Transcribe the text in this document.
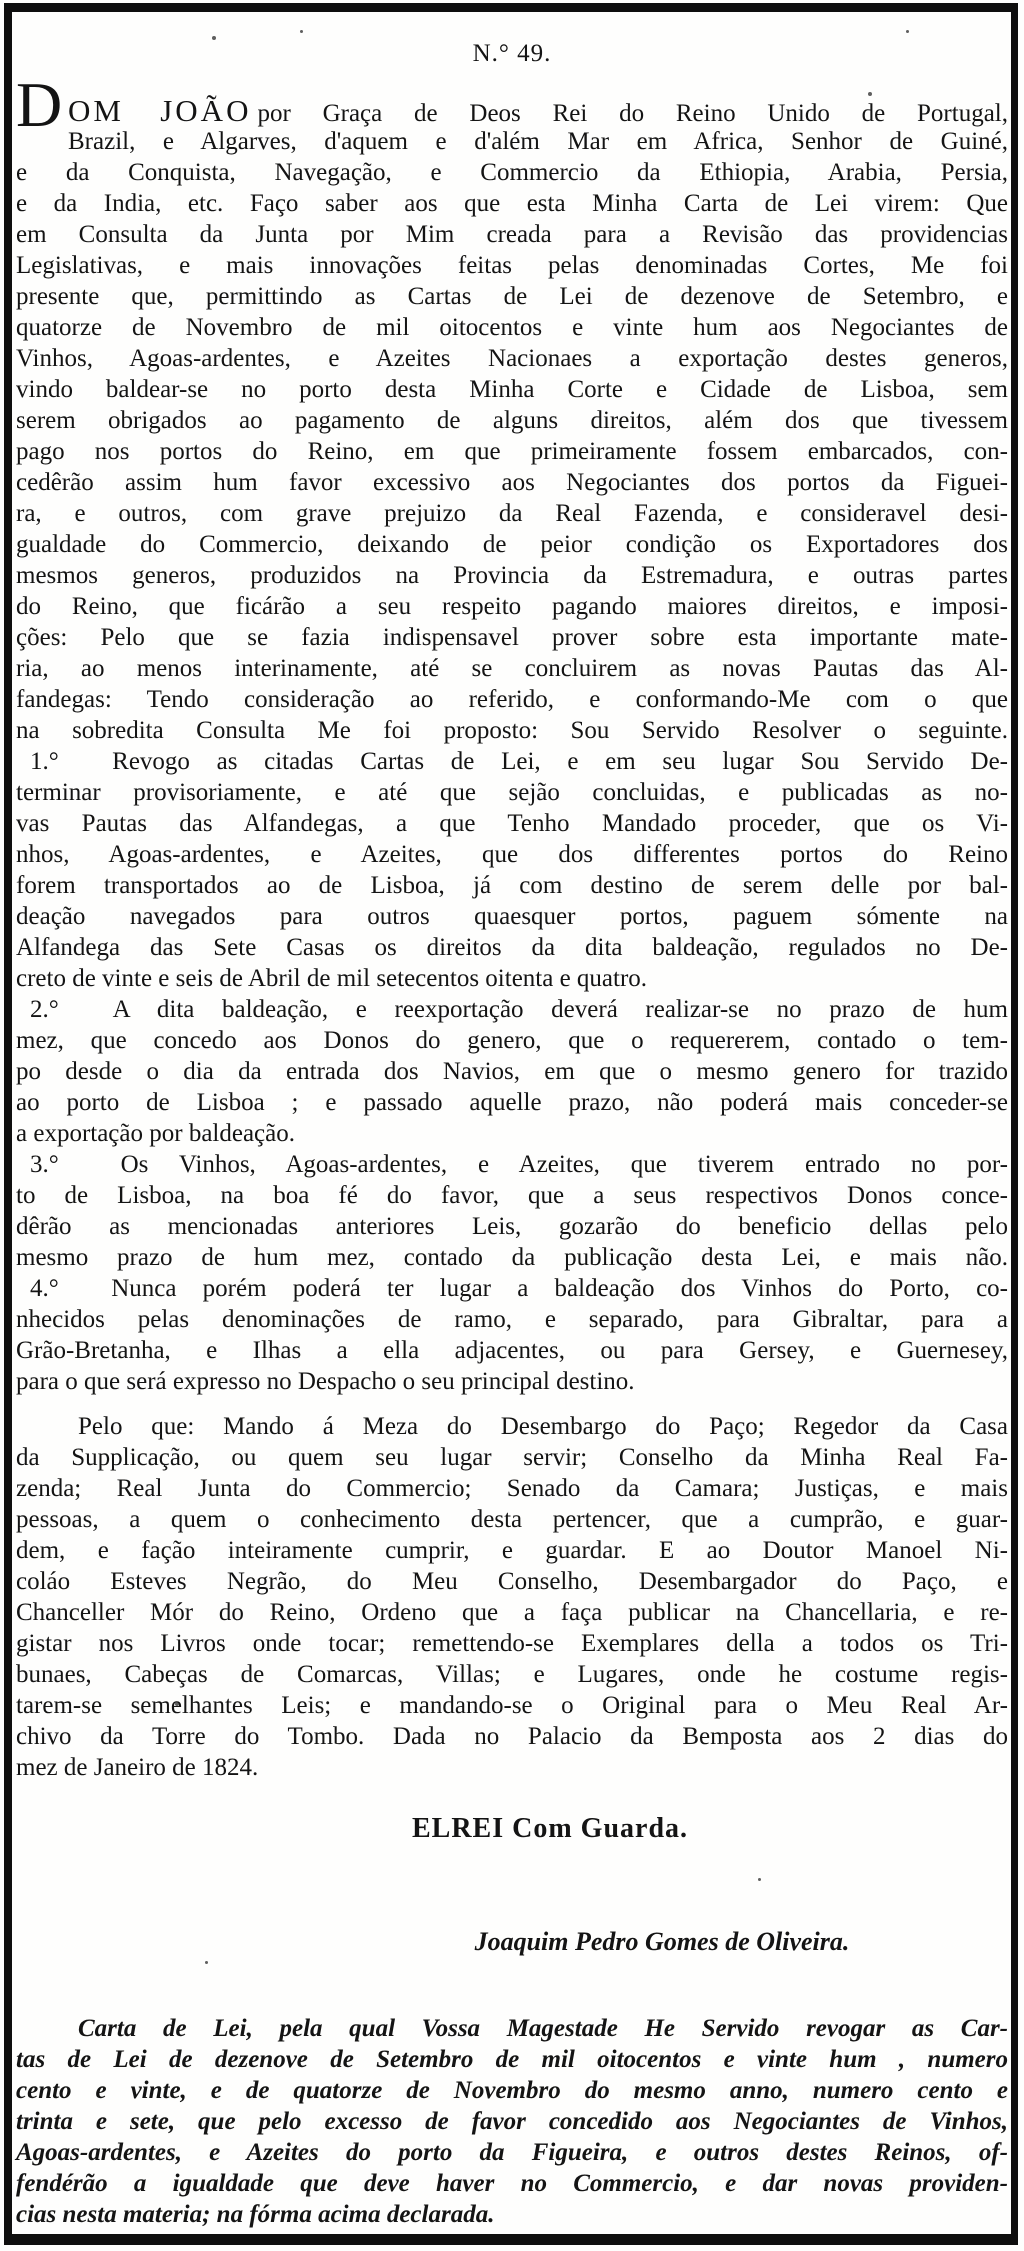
N.° 49.
DOM JOÃO por Graça de Deos Rei do Reino Unido de Portugal,
Brazil, e Algarves, d'aquem e d'além Mar em Africa, Senhor de Guiné,
e da Conquista, Navegação, e Commercio da Ethiopia, Arabia, Persia,
e da India, etc. Faço saber aos que esta Minha Carta de Lei virem: Que
em Consulta da Junta por Mim creada para a Revisão das providencias
Legislativas, e mais innovações feitas pelas denominadas Cortes, Me foi
presente que, permittindo as Cartas de Lei de dezenove de Setembro, e
quatorze de Novembro de mil oitocentos e vinte hum aos Negociantes de
Vinhos, Agoas-ardentes, e Azeites Nacionaes a exportação destes generos,
vindo baldear-se no porto desta Minha Corte e Cidade de Lisboa, sem
serem obrigados ao pagamento de alguns direitos, além dos que tivessem
pago nos portos do Reino, em que primeiramente fossem embarcados, con-
cedêrão assim hum favor excessivo aos Negociantes dos portos da Figuei-
ra, e outros, com grave prejuizo da Real Fazenda, e consideravel desi-
gualdade do Commercio, deixando de peior condição os Exportadores dos
mesmos generos, produzidos na Provincia da Estremadura, e outras partes
do Reino, que ficárão a seu respeito pagando maiores direitos, e imposi-
ções: Pelo que se fazia indispensavel prover sobre esta importante mate-
ria, ao menos interinamente, até se concluirem as novas Pautas das Al-
fandegas: Tendo consideração ao referido, e conformando-Me com o que
na sobredita Consulta Me foi proposto: Sou Servido Resolver o seguinte.
1.°  Revogo as citadas Cartas de Lei, e em seu lugar Sou Servido De-
terminar provisoriamente, e até que sejão concluidas, e publicadas as no-
vas Pautas das Alfandegas, a que Tenho Mandado proceder, que os Vi-
nhos, Agoas-ardentes, e Azeites, que dos differentes portos do Reino
forem transportados ao de Lisboa, já com destino de serem delle por bal-
deação navegados para outros quaesquer portos, paguem sómente na
Alfandega das Sete Casas os direitos da dita baldeação, regulados no De-
creto de vinte e seis de Abril de mil setecentos oitenta e quatro.
2.°  A dita baldeação, e reexportação deverá realizar-se no prazo de hum
mez, que concedo aos Donos do genero, que o requererem, contado o tem-
po desde o dia da entrada dos Navios, em que o mesmo genero for trazido
ao porto de Lisboa ; e passado aquelle prazo, não poderá mais conceder-se
a exportação por baldeação.
3.°  Os Vinhos, Agoas-ardentes, e Azeites, que tiverem entrado no por-
to de Lisboa, na boa fé do favor, que a seus respectivos Donos conce-
dêrão as mencionadas anteriores Leis, gozarão do beneficio dellas pelo
mesmo prazo de hum mez, contado da publicação desta Lei, e mais não.
4.°  Nunca porém poderá ter lugar a baldeação dos Vinhos do Porto, co-
nhecidos pelas denominações de ramo, e separado, para Gibraltar, para a
Grão-Bretanha, e Ilhas a ella adjacentes, ou para Gersey, e Guernesey,
para o que será expresso no Despacho o seu principal destino.
Pelo que: Mando á Meza do Desembargo do Paço; Regedor da Casa
da Supplicação, ou quem seu lugar servir; Conselho da Minha Real Fa-
zenda; Real Junta do Commercio; Senado da Camara; Justiças, e mais
pessoas, a quem o conhecimento desta pertencer, que a cumprão, e guar-
dem, e fação inteiramente cumprir, e guardar. E ao Doutor Manoel Ni-
coláo Esteves Negrão, do Meu Conselho, Desembargador do Paço, e
Chanceller Mór do Reino, Ordeno que a faça publicar na Chancellaria, e re-
gistar nos Livros onde tocar; remettendo-se Exemplares della a todos os Tri-
bunaes, Cabeças de Comarcas, Villas; e Lugares, onde he costume regis-
tarem-se semelhantes Leis; e mandando-se o Original para o Meu Real Ar-
chivo da Torre do Tombo. Dada no Palacio da Bemposta aos 2 dias do
mez de Janeiro de 1824.
ELREI Com Guarda.
Joaquim Pedro Gomes de Oliveira.
Carta de Lei, pela qual Vossa Magestade He Servido revogar as Car-
tas de Lei de dezenove de Setembro de mil oitocentos e vinte hum , numero
cento e vinte, e de quatorze de Novembro do mesmo anno, numero cento e
trinta e sete, que pelo excesso de favor concedido aos Negociantes de Vinhos,
Agoas-ardentes, e Azeites do porto da Figueira, e outros destes Reinos, of-
fendérão a igualdade que deve haver no Commercio, e dar novas providen-
cias nesta materia; na fórma acima declarada.
